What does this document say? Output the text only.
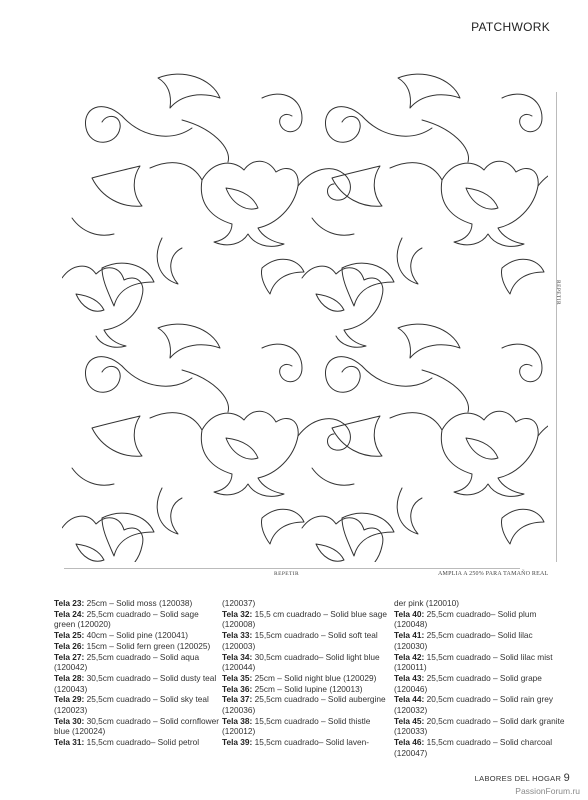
PATCHWORK
REPETIR
REPETIR	AMPLIA A 250% PARA TAMAÑO REAL

Tela 23: 25cm – Solid moss (120038)

Tela 24: 25,5cm cuadrado – Solid sage green (120020)

Tela 25: 40cm – Solid pine (120041)

Tela 26: 15cm – Solid fern green (120025)

Tela 27: 25,5cm cuadrado – Solid aqua (120042)

Tela 28: 30,5cm cuadrado – Solid dusty teal (120043)

Tela 29: 25,5cm cuadrado – Solid sky teal (120023)

Tela 30: 30,5cm cuadrado – Solid cornflower blue (120024)

Tela 31: 15,5cm cuadrado– Solid petrol

(120037)

Tela 32: 15,5 cm cuadrado – Solid blue sage (120008)

Tela 33: 15,5cm cuadrado – Solid soft teal (120003)

Tela 34: 30,5cm cuadrado– Solid light blue (120044)

Tela 35: 25cm – Solid night blue (120029)

Tela 36: 25cm – Solid lupine (120013)

Tela 37: 25,5cm cuadrado – Solid aubergine (120036)

Tela 38: 15,5cm cuadrado – Solid thistle (120012)

Tela 39: 15,5cm cuadrado– Solid laven-

der pink (120010)

Tela 40: 25,5cm cuadrado– Solid plum (120048)

Tela 41: 25,5cm cuadrado– Solid lilac (120030)

Tela 42: 15,5cm cuadrado – Solid lilac mist (120011)

Tela 43: 25,5cm cuadrado – Solid grape (120046)

Tela 44: 20,5cm cuadrado – Solid rain grey (120032)

Tela 45: 20,5cm cuadrado – Solid dark granite (120033)

Tela 46: 15,5cm cuadrado – Solid charcoal (120047)

LABORES DEL HOGAR 9
PassionForum.ru
